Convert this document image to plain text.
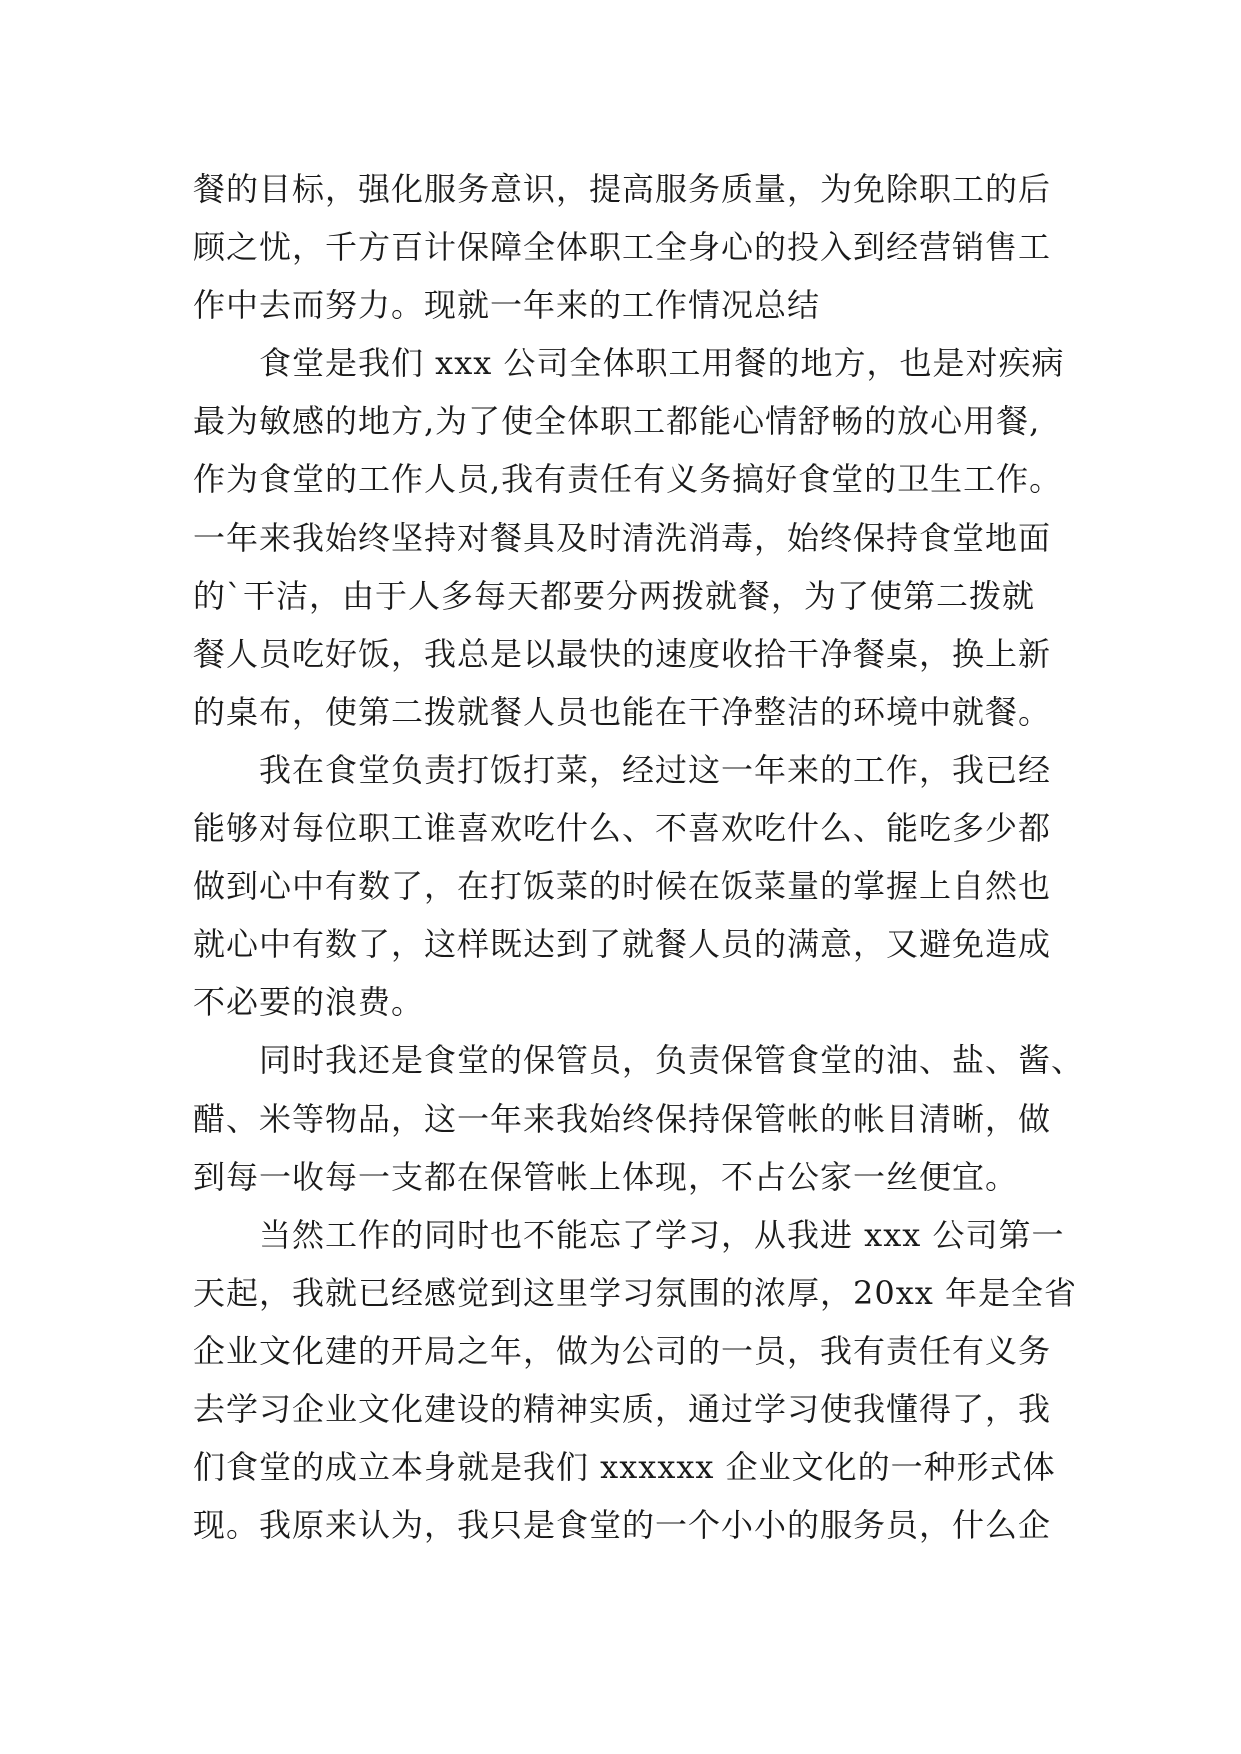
餐的目标，强化服务意识，提高服务质量，为免除职工的后
顾之忧，千方百计保障全体职工全身心的投入到经营销售工
作中去而努力。现就一年来的工作情况总结
食堂是我们 xxx 公司全体职工用餐的地方，也是对疾病
最为敏感的地方,为了使全体职工都能心情舒畅的放心用餐,
作为食堂的工作人员,我有责任有义务搞好食堂的卫生工作。
一年来我始终坚持对餐具及时清洗消毒，始终保持食堂地面
的`干洁，由于人多每天都要分两拨就餐，为了使第二拨就
餐人员吃好饭，我总是以最快的速度收拾干净餐桌，换上新
的桌布，使第二拨就餐人员也能在干净整洁的环境中就餐。
我在食堂负责打饭打菜，经过这一年来的工作，我已经
能够对每位职工谁喜欢吃什么、不喜欢吃什么、能吃多少都
做到心中有数了，在打饭菜的时候在饭菜量的掌握上自然也
就心中有数了，这样既达到了就餐人员的满意，又避免造成
不必要的浪费。
同时我还是食堂的保管员，负责保管食堂的油、盐、酱、
醋、米等物品，这一年来我始终保持保管帐的帐目清晰，做
到每一收每一支都在保管帐上体现，不占公家一丝便宜。
当然工作的同时也不能忘了学习，从我进 xxx 公司第一
天起，我就已经感觉到这里学习氛围的浓厚，20xx 年是全省
企业文化建的开局之年，做为公司的一员，我有责任有义务
去学习企业文化建设的精神实质，通过学习使我懂得了，我
们食堂的成立本身就是我们 xxxxxx 企业文化的一种形式体
现。我原来认为，我只是食堂的一个小小的服务员，什么企
